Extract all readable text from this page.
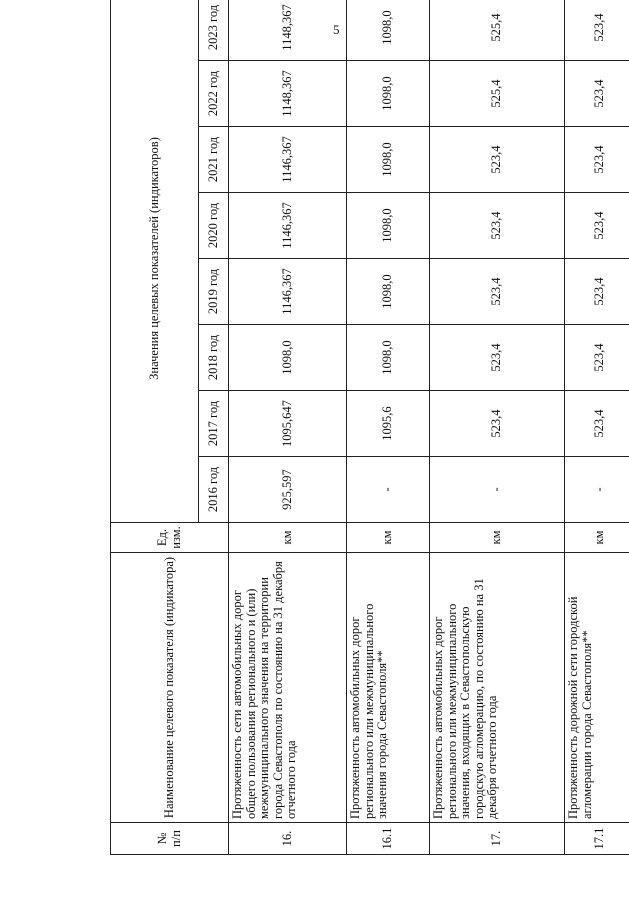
5
№ п/п	Наименование целевого показателя (индикатора)	Ед. изм.	Значения целевых показателей (индикаторов)							
			2016 год	2017 год	2018 год	2019 год	2020 год	2021 год	2022 год	2023 год
16.	Протяженность сети автомобильных дорог общего пользования регионального и (или) межмуниципального значения на территории города Севастополя по состоянию на 31 декабря отчетного года	км	925,597	1095,647	1098,0	1146,367	1146,367	1146,367	1148,367	1148,367
16.1	Протяженность автомобильных дорог регионального или межмуниципального значения города Севастополя**	км	-	1095,6	1098,0	1098,0	1098,0	1098,0	1098,0	1098,0
17.	Протяженность автомобильных дорог регионального или межмуниципального значения, входящих в Севастопольскую городскую агломерацию, по состоянию на 31 декабря отчетного года	км	-	523,4	523,4	523,4	523,4	523,4	525,4	525,4
17.1	Протяженность дорожной сети городской агломерации города Севастополя**	км	-	523,4	523,4	523,4	523,4	523,4	523,4	523,4
